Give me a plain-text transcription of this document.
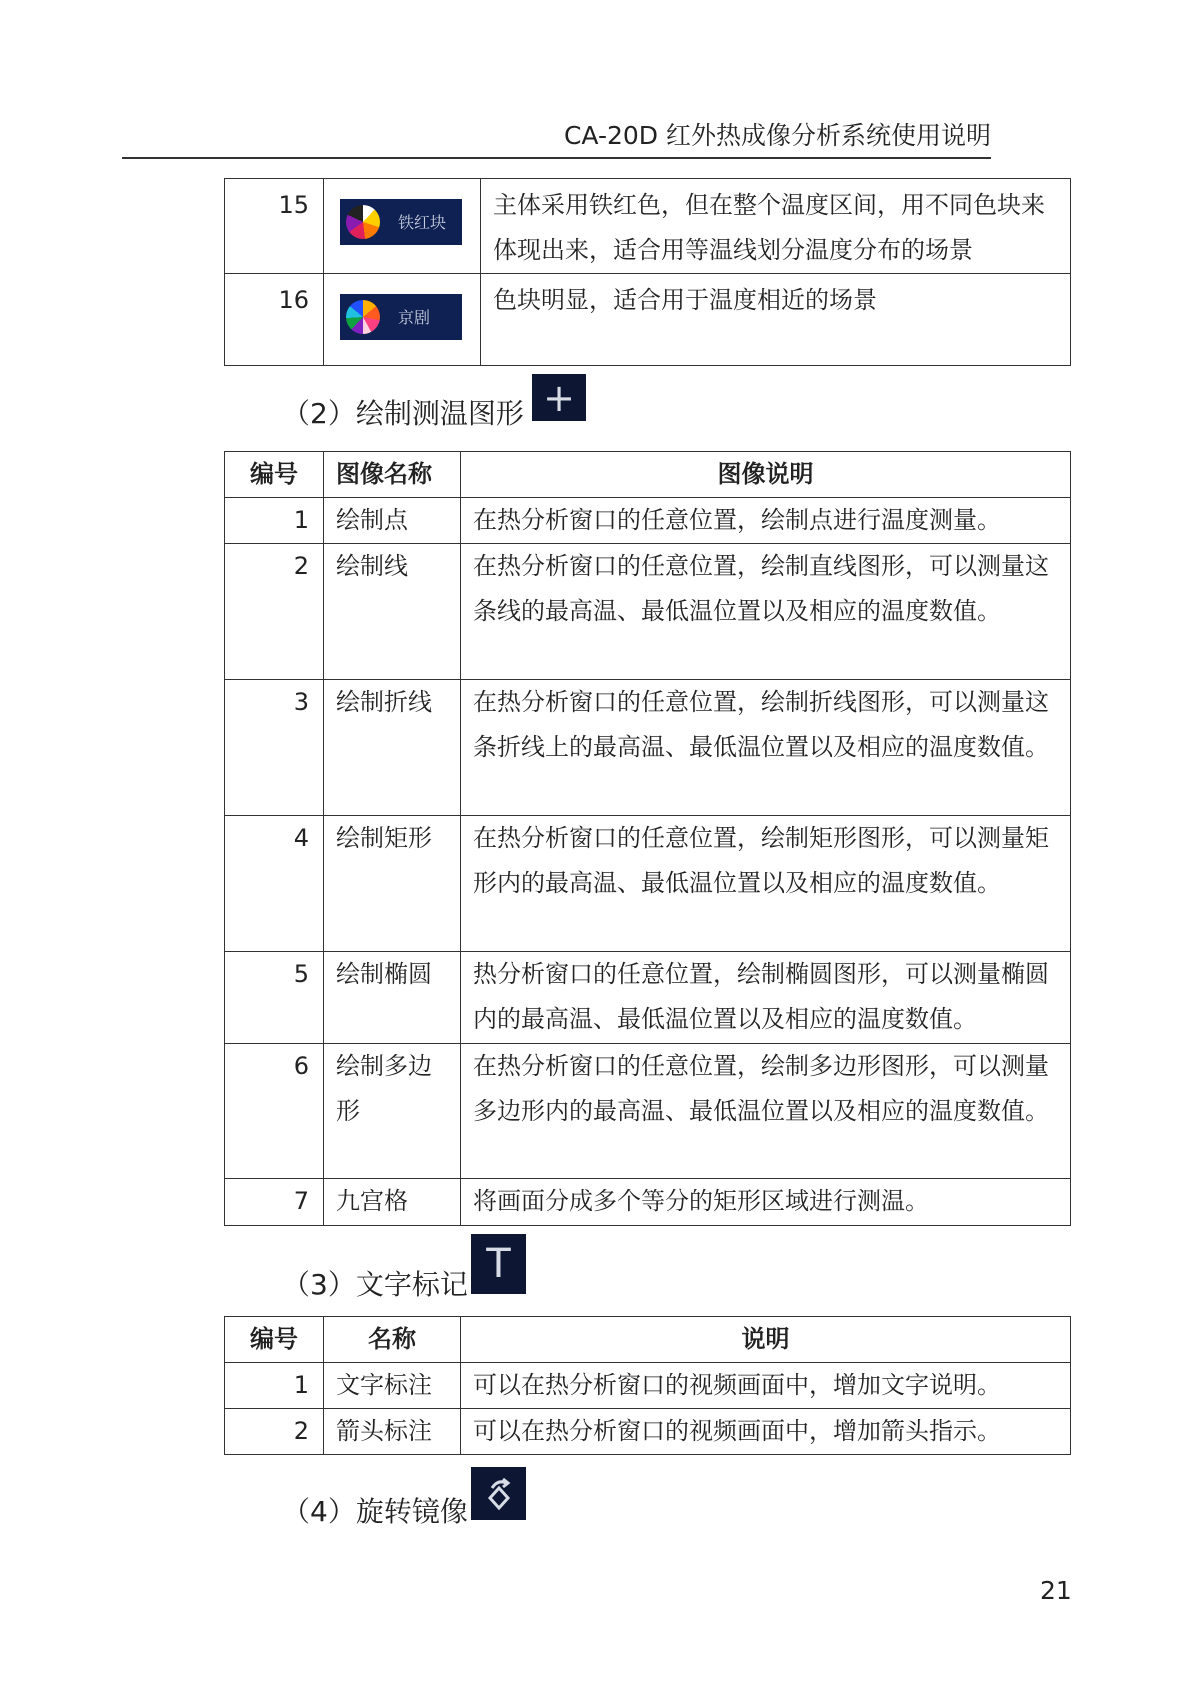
CA-20D 红外热成像分析系统使用说明
15	铁红块	主体采用铁红色，但在整个温度区间，用不同色块来体现出来，适合用等温线划分温度分布的场景
16	京剧	色块明显，适合用于温度相近的场景
（2）绘制测温图形 +
编号	图像名称	图像说明
1	绘制点	在热分析窗口的任意位置，绘制点进行温度测量。
2	绘制线	在热分析窗口的任意位置，绘制直线图形，可以测量这条线的最高温、最低温位置以及相应的温度数值。
3	绘制折线	在热分析窗口的任意位置，绘制折线图形，可以测量这条折线上的最高温、最低温位置以及相应的温度数值。
4	绘制矩形	在热分析窗口的任意位置，绘制矩形图形，可以测量矩形内的最高温、最低温位置以及相应的温度数值。
5	绘制椭圆	热分析窗口的任意位置，绘制椭圆图形，可以测量椭圆内的最高温、最低温位置以及相应的温度数值。
6	绘制多边形	在热分析窗口的任意位置，绘制多边形图形，可以测量多边形内的最高温、最低温位置以及相应的温度数值。
7	九宫格	将画面分成多个等分的矩形区域进行测温。
（3）文字标记 T
编号	名称	说明
1	文字标注	可以在热分析窗口的视频画面中，增加文字说明。
2	箭头标注	可以在热分析窗口的视频画面中，增加箭头指示。
（4）旋转镜像
21
